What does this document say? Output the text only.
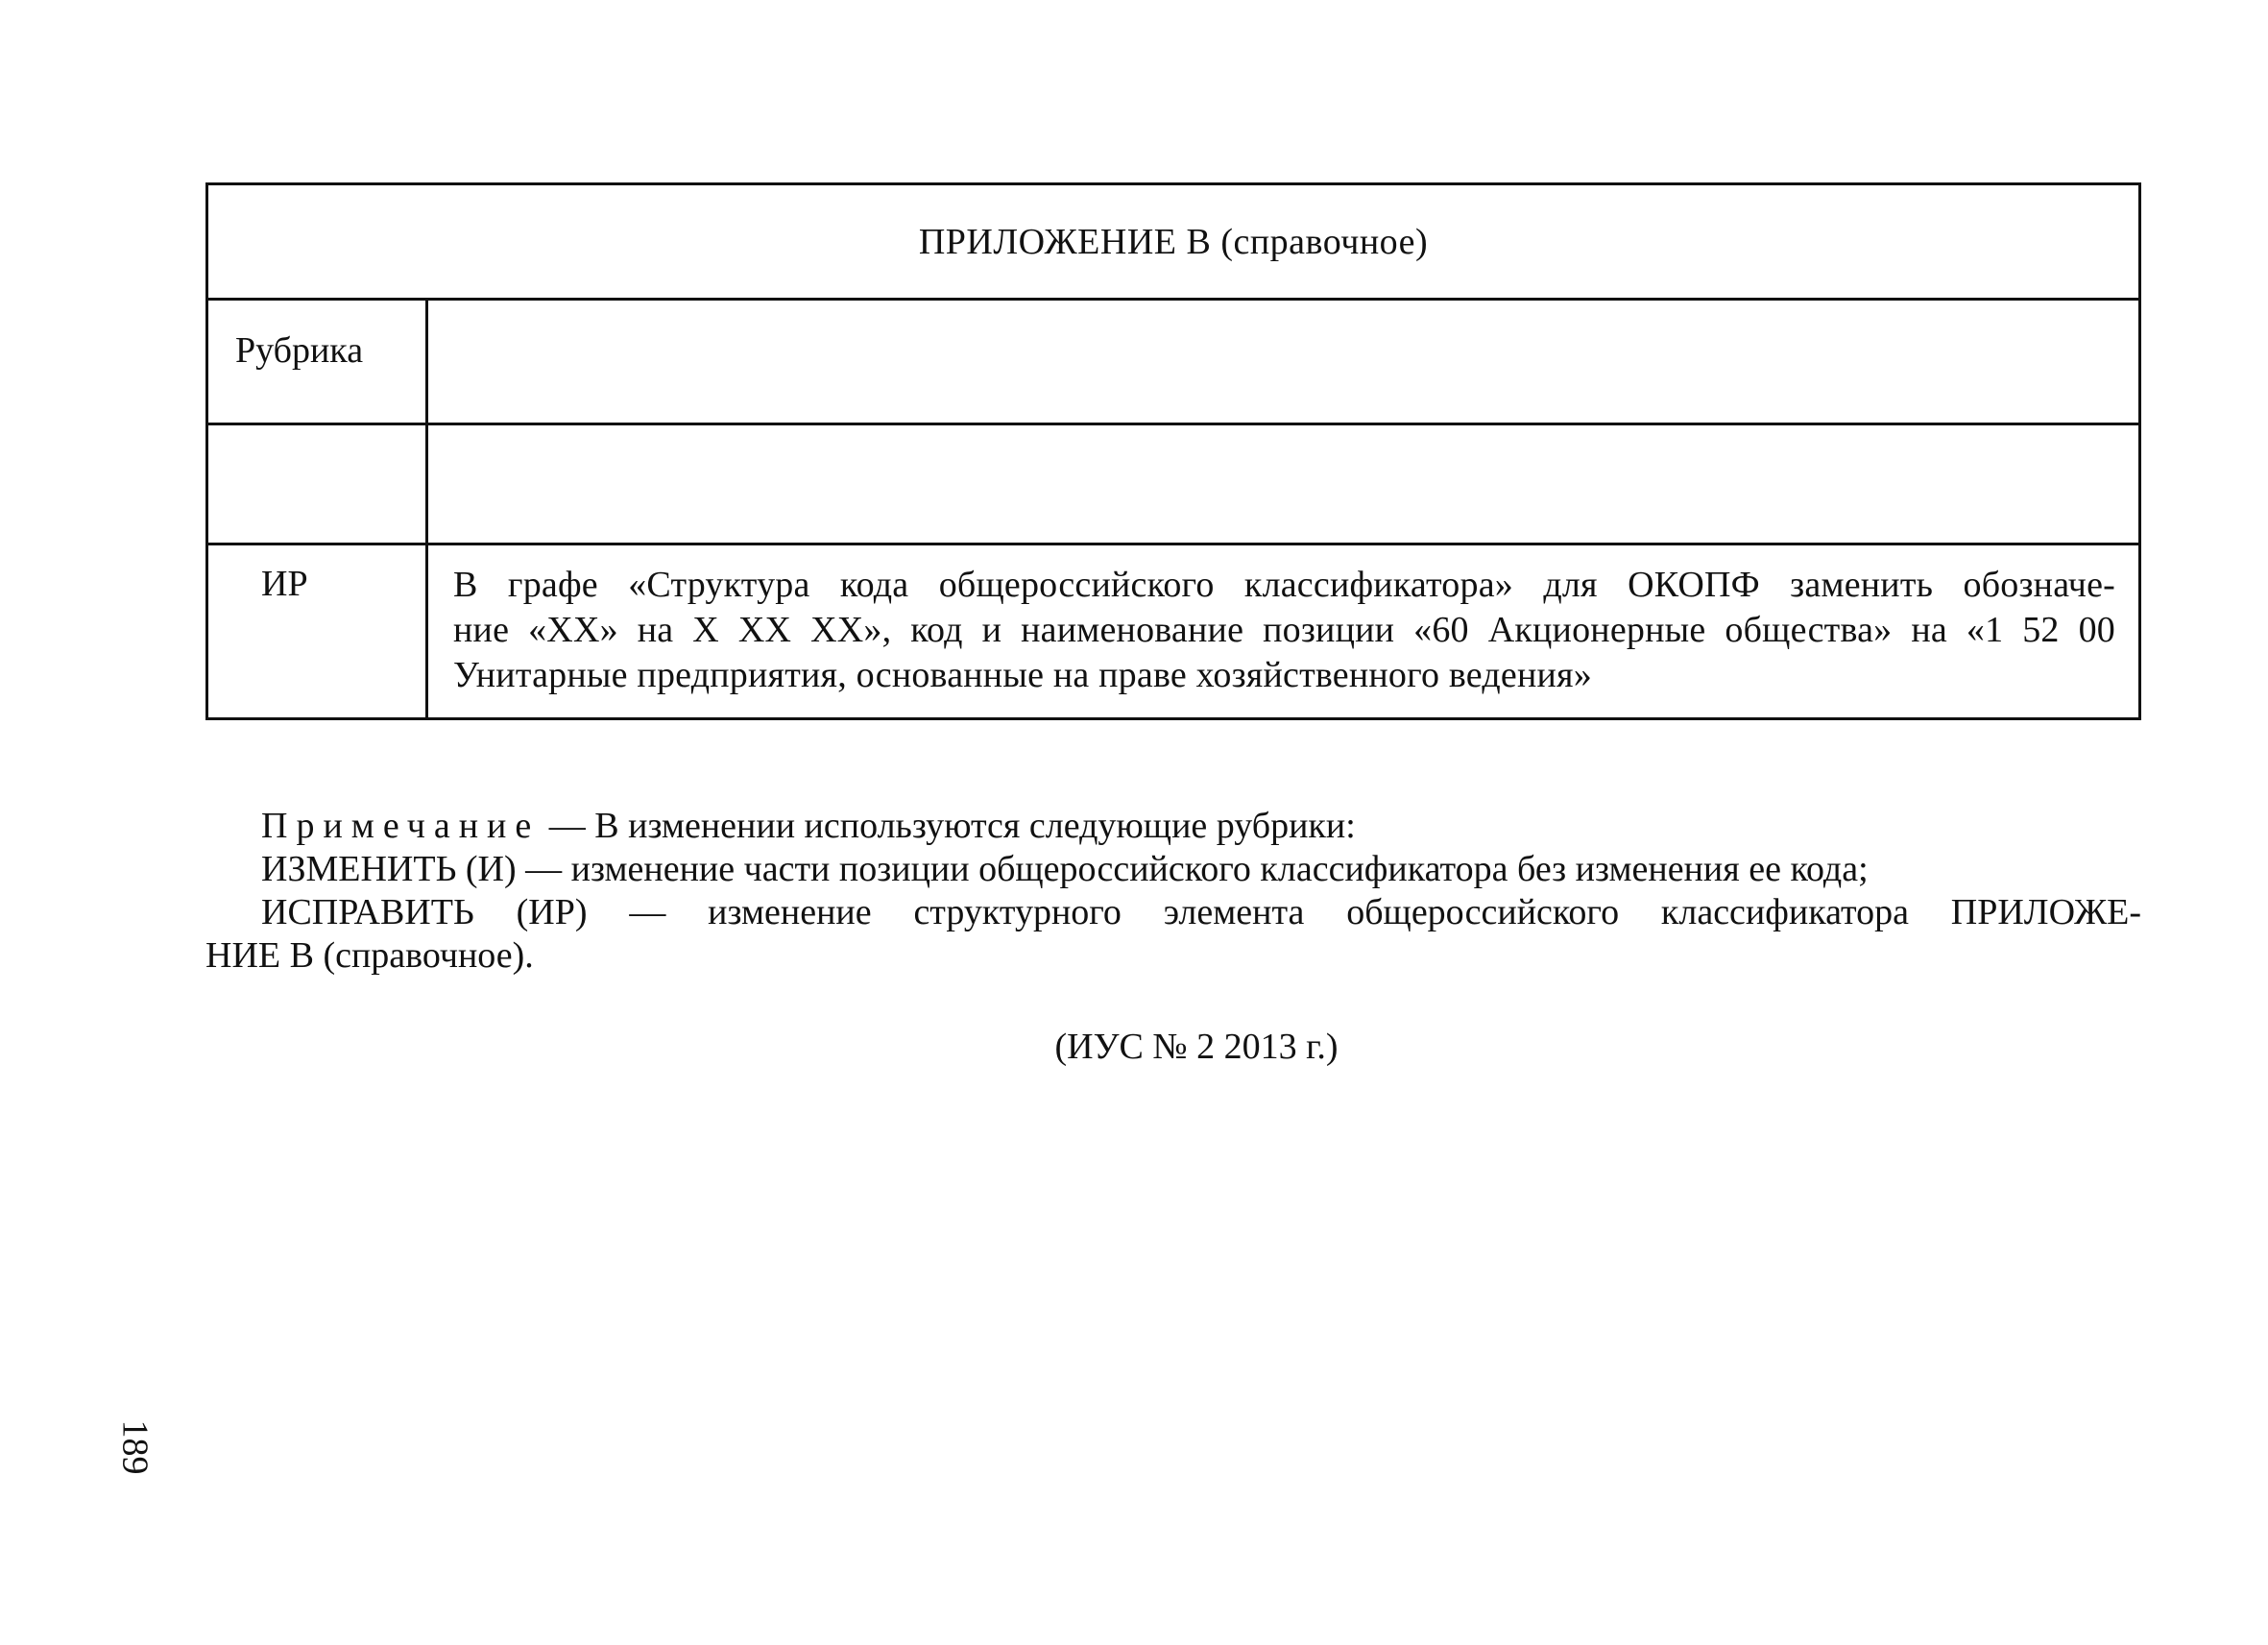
ПРИЛОЖЕНИЕ В (справочное)
Рубрика
ИР	В графе «Структура кода общероссийского классификатора» для ОКОПФ заменить обозначе-
ние «XX» на X XX XX», код и наименование позиции «60 Акционерные общества» на «1 52 00
Унитарные предприятия, основанные на праве хозяйственного ведения»
Примечание — В изменении используются следующие рубрики:
ИЗМЕНИТЬ (И) — изменение части позиции общероссийского классификатора без изменения ее кода;
ИСПРАВИТЬ (ИР) — изменение структурного элемента общероссийского классификатора ПРИЛОЖЕ-
НИЕ В (справочное).
(ИУС № 2 2013 г.)
189
